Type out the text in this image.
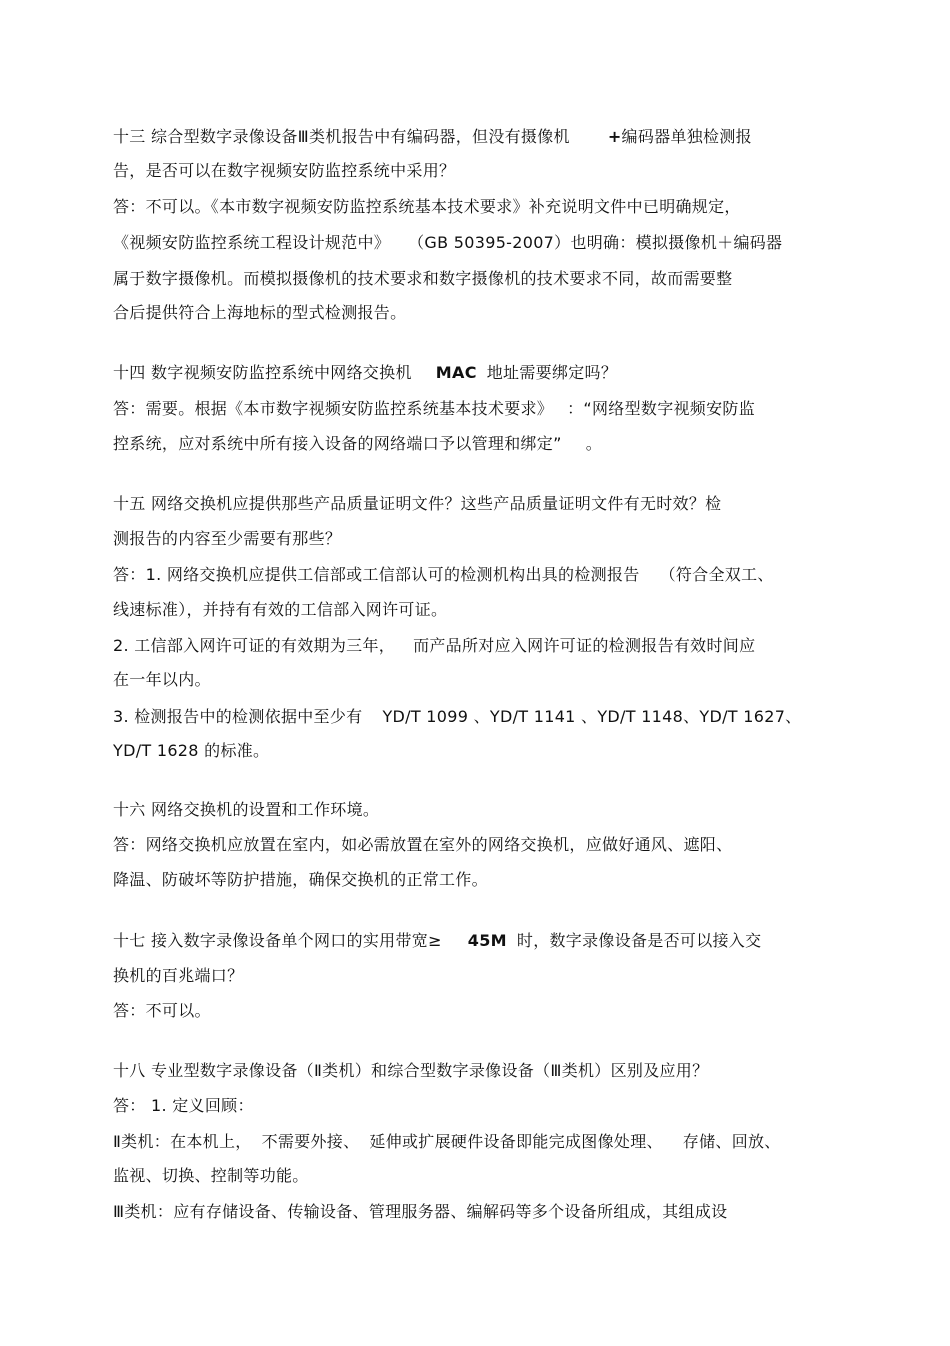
十三 综合型数字录像设备Ⅲ类机报告中有编码器，但没有摄像机 +编码器单独检测报
告，是否可以在数字视频安防监控系统中采用？
答：不可以。《本市数字视频安防监控系统基本技术要求》补充说明文件中已明确规定，
《视频安防监控系统工程设计规范中》 （GB 50395-2007）也明确：模拟摄像机＋编码器
属于数字摄像机。而模拟摄像机的技术要求和数字摄像机的技术要求不同，故而需要整
合后提供符合上海地标的型式检测报告。
十四 数字视频安防监控系统中网络交换机 MAC 地址需要绑定吗？
答：需要。根据《本市数字视频安防监控系统基本技术要求》 ：“网络型数字视频安防监
控系统，应对系统中所有接入设备的网络端口予以管理和绑定” 。
十五 网络交换机应提供那些产品质量证明文件？这些产品质量证明文件有无时效？检
测报告的内容至少需要有那些？
答：1. 网络交换机应提供工信部或工信部认可的检测机构出具的检测报告 （符合全双工、
线速标准），并持有有效的工信部入网许可证。
2. 工信部入网许可证的有效期为三年， 而产品所对应入网许可证的检测报告有效时间应
在一年以内。
3. 检测报告中的检测依据中至少有 YD/T 1099 、YD/T 1141 、YD/T 1148、YD/T 1627、
YD/T 1628 的标准。
十六 网络交换机的设置和工作环境。
答：网络交换机应放置在室内，如必需放置在室外的网络交换机，应做好通风、遮阳、
降温、防破坏等防护措施，确保交换机的正常工作。
十七 接入数字录像设备单个网口的实用带宽≥ 45M 时，数字录像设备是否可以接入交
换机的百兆端口？
答：不可以。
十八 专业型数字录像设备（Ⅱ类机）和综合型数字录像设备（Ⅲ类机）区别及应用？
答： 1. 定义回顾：
Ⅱ类机：在本机上， 不需要外接、 延伸或扩展硬件设备即能完成图像处理、 存储、回放、
监视、切换、控制等功能。
Ⅲ类机：应有存储设备、传输设备、管理服务器、编解码等多个设备所组成，其组成设
